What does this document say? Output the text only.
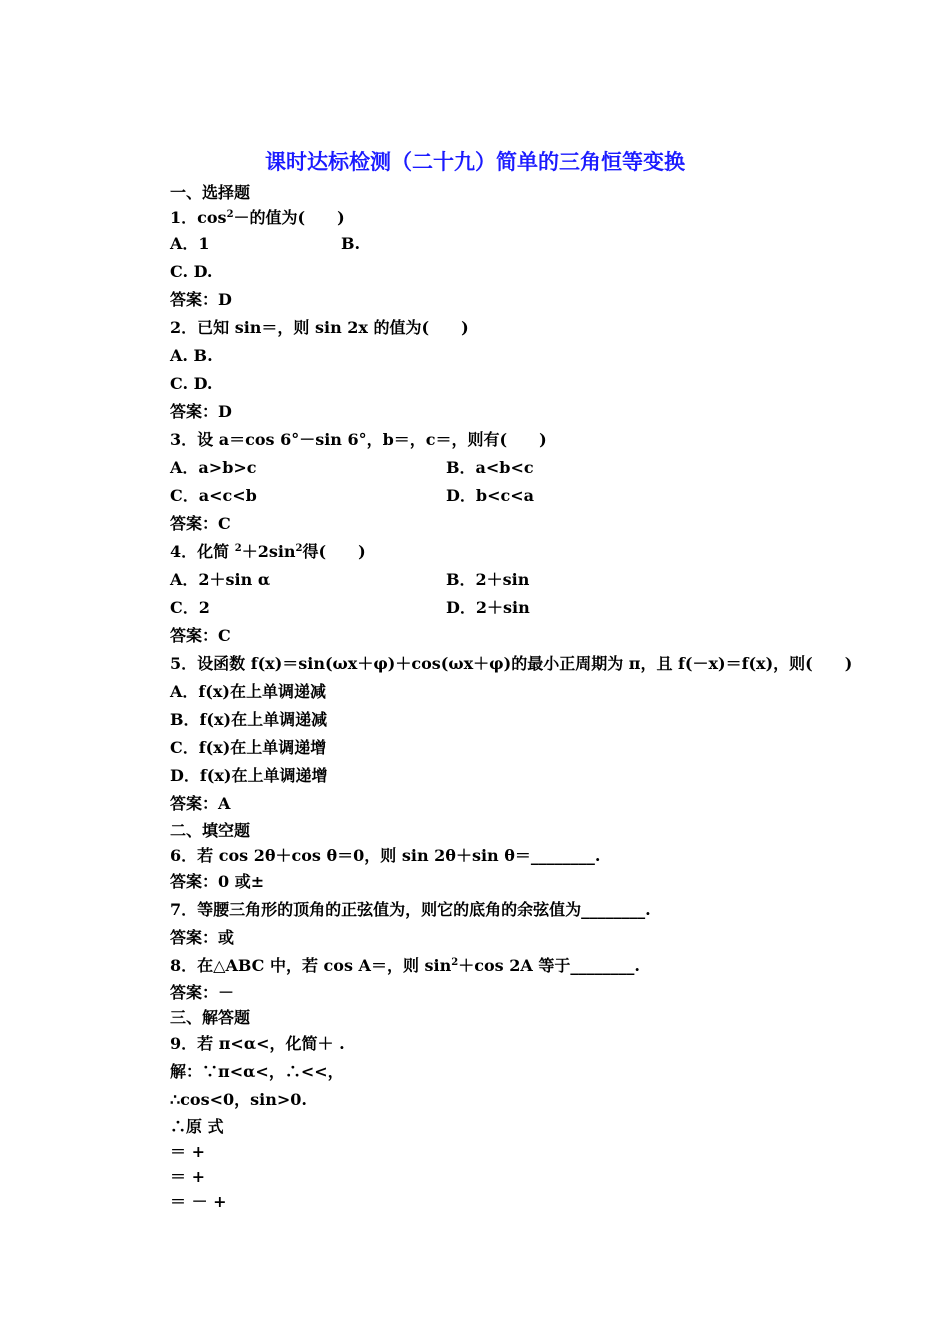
课时达标检测（二十九）简单的三角恒等变换
一、选择题
1．$\cos^2-$的值为(　　)
A．1	B.
C. D.
答案：D
2．已知 sin＝，则 sin 2x 的值为(　　)
A. B.
C. D.
答案：D
3．设 a＝cos 6°－sin 6°，b＝，c＝，则有(　　)
A．a>b>c	B．a<b<c
C．a<c<b	D．b<c<a
答案：C
4．化简 $^2+2\sin^2$得(　　)
A．2＋sin α	B．2＋sin
C．2	D．2＋sin
答案：C
5．设函数 f(x)＝sin(ωx＋φ)＋cos(ωx＋φ)的最小正周期为 π，且 f(－x)＝f(x)，则(　　)
A．f(x)在上单调递减
B．f(x)在上单调递减
C．f(x)在上单调递增
D．f(x)在上单调递增
答案：A
二、填空题
6．若 cos 2θ＋cos θ＝0，则 sin 2θ＋sin θ＝________.
答案：0 或±
7．等腰三角形的顶角的正弦值为，则它的底角的余弦值为________.
答案：或
8．在△ABC 中，若 cos A＝，则 $\sin^2+\cos$ 2A 等于________.
答案：－
三、解答题
9．若 π<α<，化简＋ .
解：∵π<α<，∴<<，
∴cos<0，sin>0.
∴原 式
＝ +
＝ +
＝ － +
